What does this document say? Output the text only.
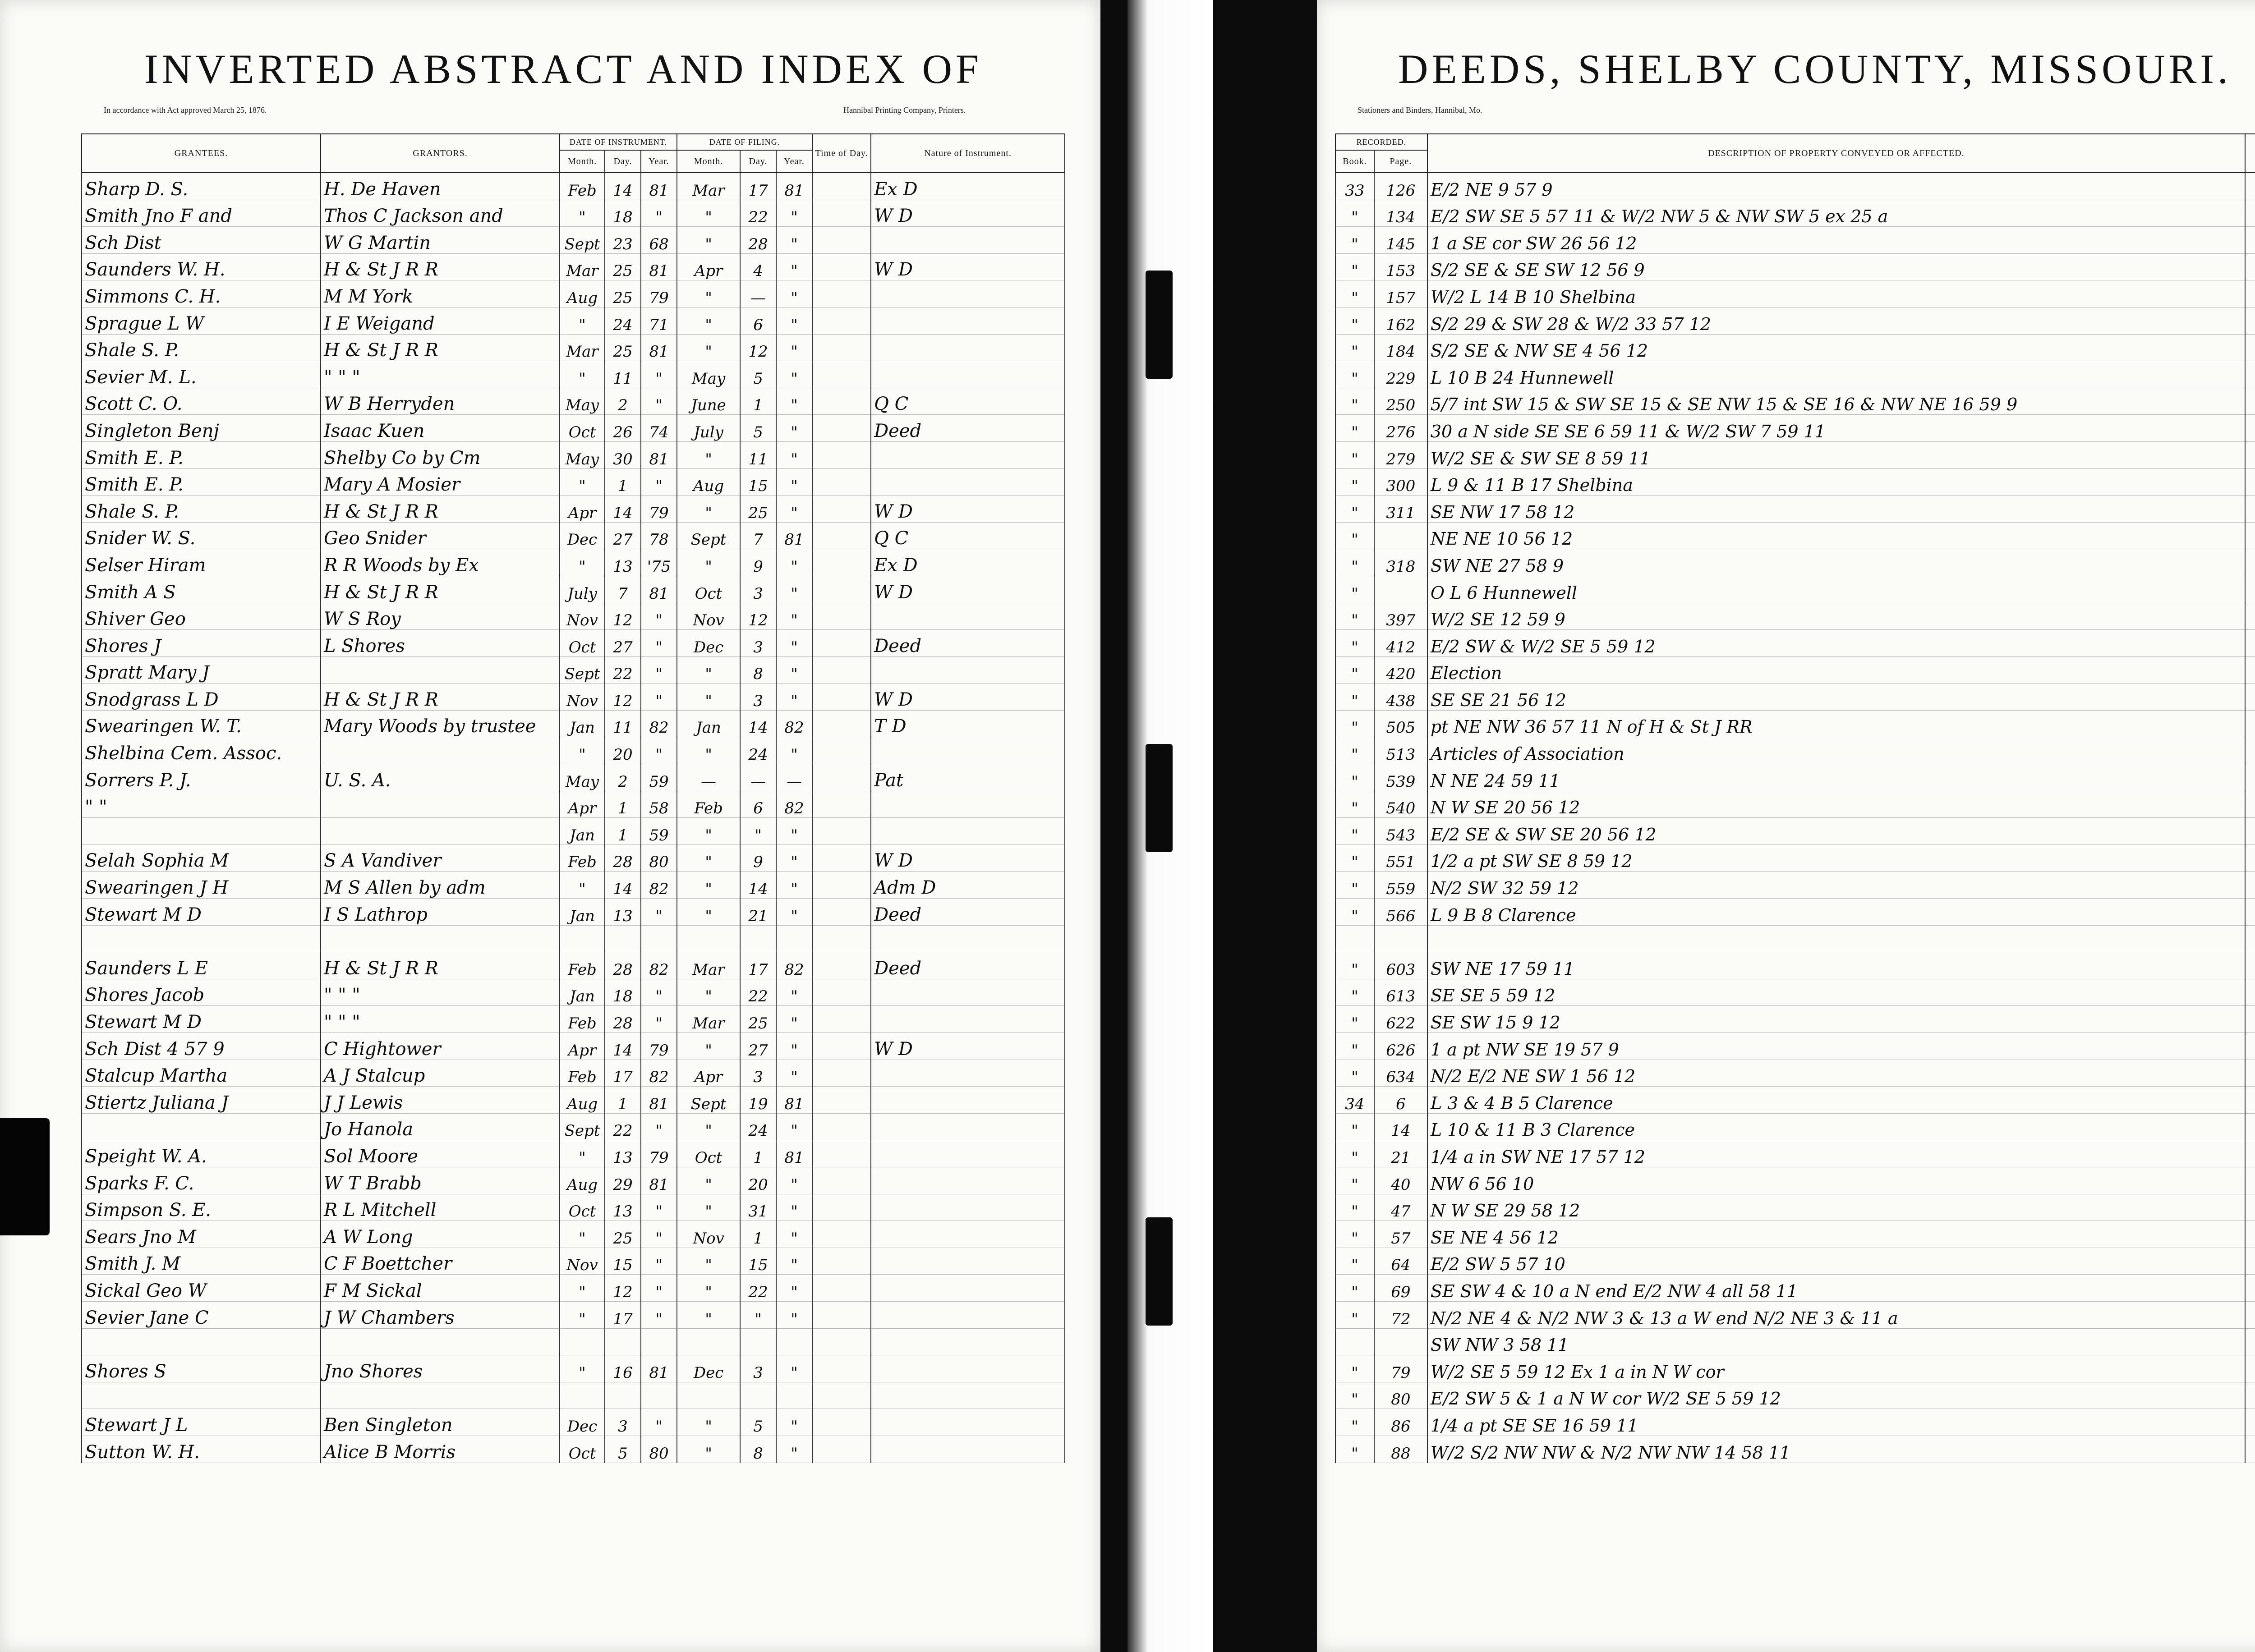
INVERTED ABSTRACT AND INDEX OF
In accordance with Act approved March 25, 1876.	Hannibal Printing Company, Printers.
GRANTEES.	GRANTORS.	DATE OF INSTRUMENT.			DATE OF FILING.			Time of Day.	Nature of Instrument.
		Month.	Day.	Year.	Month.	Day.	Year.		
Sharp D. S.	H. De Haven	Feb	14	81	Mar	17	81		Ex D
Smith Jno F and	Thos C Jackson and	"	18	"	"	22	"		W D
Sch Dist	W G Martin	Sept	23	68	"	28	"		
Saunders W. H.	H & St J R R	Mar	25	81	Apr	4	"		W D
Simmons C. H.	M M York	Aug	25	79	"	—	"		
Sprague L W	I E Weigand	"	24	71	"	6	"		
Shale S. P.	H & St J R R	Mar	25	81	"	12	"		
Sevier M. L.	" " "	"	11	"	May	5	"		
Scott C. O.	W B Herryden	May	2	"	June	1	"		Q C
Singleton Benj	Isaac Kuen	Oct	26	74	July	5	"		Deed
Smith E. P.	Shelby Co by Cm	May	30	81	"	11	"		
Smith E. P.	Mary A Mosier	"	1	"	Aug	15	"		
Shale S. P.	H & St J R R	Apr	14	79	"	25	"		W D
Snider W. S.	Geo Snider	Dec	27	78	Sept	7	81		Q C
Selser Hiram	R R Woods by Ex	"	13	'75	"	9	"		Ex D
Smith A S	H & St J R R	July	7	81	Oct	3	"		W D
Shiver Geo	W S Roy	Nov	12	"	Nov	12	"		
Shores J	L Shores	Oct	27	"	Dec	3	"		Deed
Spratt Mary J		Sept	22	"	"	8	"		
Snodgrass L D	H & St J R R	Nov	12	"	"	3	"		W D
Swearingen W. T.	Mary Woods by trustee	Jan	11	82	Jan	14	82		T D
Shelbina Cem. Assoc.		"	20	"	"	24	"		
Sorrers P. J.	U. S. A.	May	2	59	—	—	—		Pat
" "		Apr	1	58	Feb	6	82		
		Jan	1	59	"	"	"		
Selah Sophia M	S A Vandiver	Feb	28	80	"	9	"		W D
Swearingen J H	M S Allen by adm	"	14	82	"	14	"		Adm D
Stewart M D	I S Lathrop	Jan	13	"	"	21	"		Deed

Saunders L E	H & St J R R	Feb	28	82	Mar	17	82		Deed
Shores Jacob	" " "	Jan	18	"	"	22	"		
Stewart M D	" " "	Feb	28	"	Mar	25	"		
Sch Dist 4 57 9	C Hightower	Apr	14	79	"	27	"		W D
Stalcup Martha	A J Stalcup	Feb	17	82	Apr	3	"		
Stiertz Juliana J	J J Lewis	Aug	1	81	Sept	19	81		
	Jo Hanola	Sept	22	"	"	24	"		
Speight W. A.	Sol Moore	"	13	79	Oct	1	81		
Sparks F. C.	W T Brabb	Aug	29	81	"	20	"		
Simpson S. E.	R L Mitchell	Oct	13	"	"	31	"		
Sears Jno M	A W Long	"	25	"	Nov	1	"		
Smith J. M	C F Boettcher	Nov	15	"	"	15	"		
Sickal Geo W	F M Sickal	"	12	"	"	22	"		
Sevier Jane C	J W Chambers	"	17	"	"	"	"		

Shores S	Jno Shores	"	16	81	Dec	3	"		

Stewart J L	Ben Singleton	Dec	3	"	"	5	"		
Sutton W. H.	Alice B Morris	Oct	5	80	"	8	"		
DEEDS, SHELBY COUNTY, MISSOURI.
Stationers and Binders, Hannibal, Mo.
RECORDED.		DESCRIPTION OF PROPERTY CONVEYED OR AFFECTED.			
Book.	Page.				
33	126	E/2 NE 9 57 9			
"	134	E/2 SW SE 5 57 11 & W/2 NW 5 & NW SW 5 ex 25 a			
"	145	1 a SE cor SW 26 56 12			
"	153	S/2 SE & SE SW 12 56 9			
"	157	W/2 L 14 B 10 Shelbina			
"	162	S/2 29 & SW 28 & W/2 33 57 12			
"	184	S/2 SE & NW SE 4 56 12			
"	229	L 10 B 24 Hunnewell			
"	250	5/7 int SW 15 & SW SE 15 & SE NW 15 & SE 16 & NW NE 16 59 9			
"	276	30 a N side SE SE 6 59 11 & W/2 SW 7 59 11			
"	279	W/2 SE & SW SE 8 59 11			
"	300	L 9 & 11 B 17 Shelbina			
"	311	SE NW 17 58 12			
"		NE NE 10 56 12			
"	318	SW NE 27 58 9			
"		O L 6 Hunnewell			
"	397	W/2 SE 12 59 9			
"	412	E/2 SW & W/2 SE 5 59 12			
"	420	Election			
"	438	SE SE 21 56 12			
"	505	pt NE NW 36 57 11 N of H & St J RR			
"	513	Articles of Association			
"	539	N NE 24 59 11			
"	540	N W SE 20 56 12			
"	543	E/2 SE & SW SE 20 56 12			
"	551	1/2 a pt SW SE 8 59 12			
"	559	N/2 SW 32 59 12			
"	566	L 9 B 8 Clarence			

"	603	SW NE 17 59 11			
"	613	SE SE 5 59 12			
"	622	SE SW 15 9 12			
"	626	1 a pt NW SE 19 57 9			
"	634	N/2 E/2 NE SW 1 56 12			
34	6	L 3 & 4 B 5 Clarence			
"	14	L 10 & 11 B 3 Clarence			
"	21	1/4 a in SW NE 17 57 12			
"	40	NW 6 56 10			
"	47	N W SE 29 58 12			
"	57	SE NE 4 56 12			
"	64	E/2 SW 5 57 10			
"	69	SE SW 4 & 10 a N end E/2 NW 4 all 58 11			
"	72	N/2 NE 4 & N/2 NW 3 & 13 a W end N/2 NE 3 & 11 a			
		SW NW 3 58 11			
"	79	W/2 SE 5 59 12 Ex 1 a in N W cor			
"	80	E/2 SW 5 & 1 a N W cor W/2 SE 5 59 12			
"	86	1/4 a pt SE SE 16 59 11			
"	88	W/2 S/2 NW NW & N/2 NW NW 14 58 11			
